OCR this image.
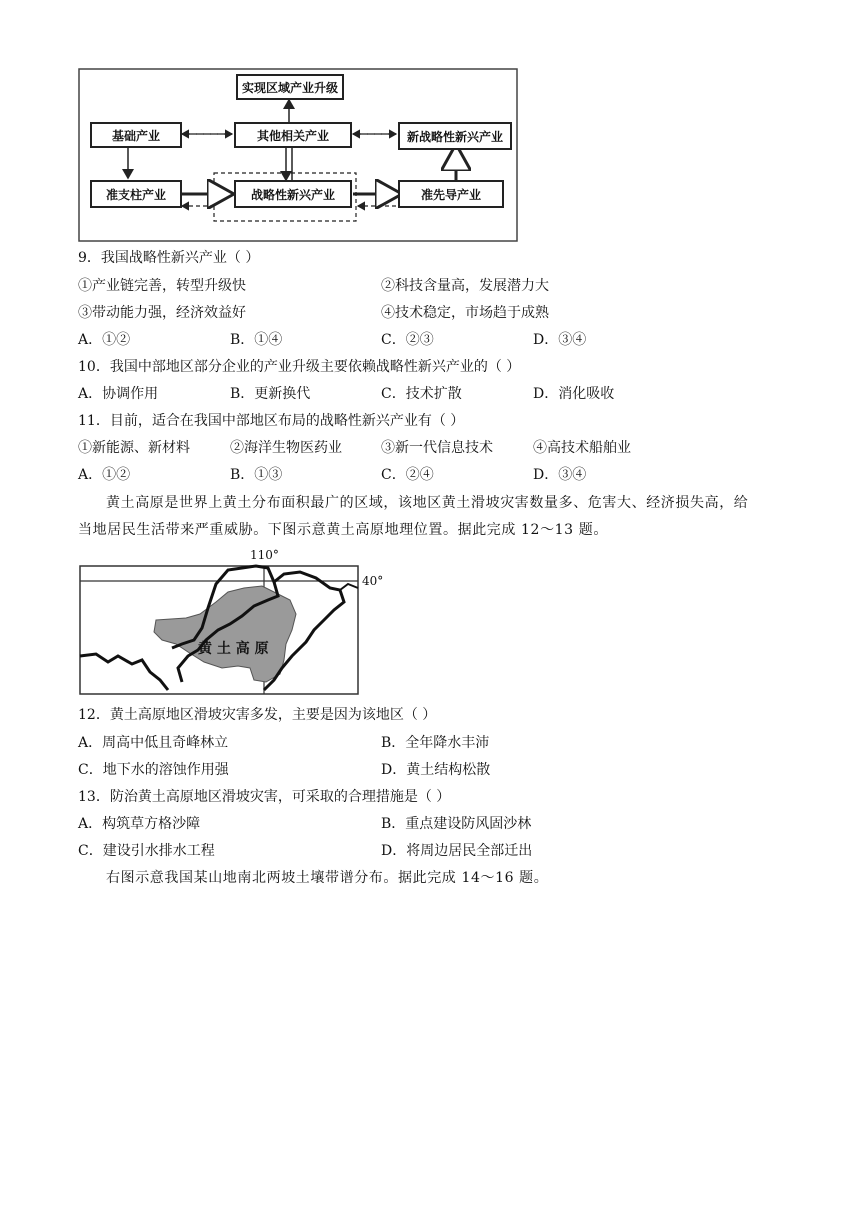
实现区域产业升级
基础产业	其他相关产业	新战略性新兴产业
准支柱产业	战略性新兴产业	准先导产业
9．我国战略性新兴产业（ ）
①产业链完善，转型升级快	②科技含量高，发展潜力大
③带动能力强，经济效益好	④技术稳定，市场趋于成熟
A．①②	B．①④	C．②③	D．③④
10．我国中部地区部分企业的产业升级主要依赖战略性新兴产业的（ ）
A．协调作用	B．更新换代	C．技术扩散	D．消化吸收
11．目前，适合在我国中部地区布局的战略性新兴产业有（ ）
①新能源、新材料	②海洋生物医药业	③新一代信息技术	④高技术船舶业
A．①②	B．①③	C．②④	D．③④
黄土高原是世界上黄土分布面积最广的区域，该地区黄土滑坡灾害数量多、危害大、经济损失高，给
当地居民生活带来严重威胁。下图示意黄土高原地理位置。据此完成 12～13 题。
110°
40°
黄 土 高 原
12．黄土高原地区滑坡灾害多发，主要是因为该地区（ ）
A．周高中低且奇峰林立	B．全年降水丰沛
C．地下水的溶蚀作用强	D．黄土结构松散
13．防治黄土高原地区滑坡灾害，可采取的合理措施是（ ）
A．构筑草方格沙障	B．重点建设防风固沙林
C．建设引水排水工程	D．将周边居民全部迁出
右图示意我国某山地南北两坡土壤带谱分布。据此完成 14～16 题。
